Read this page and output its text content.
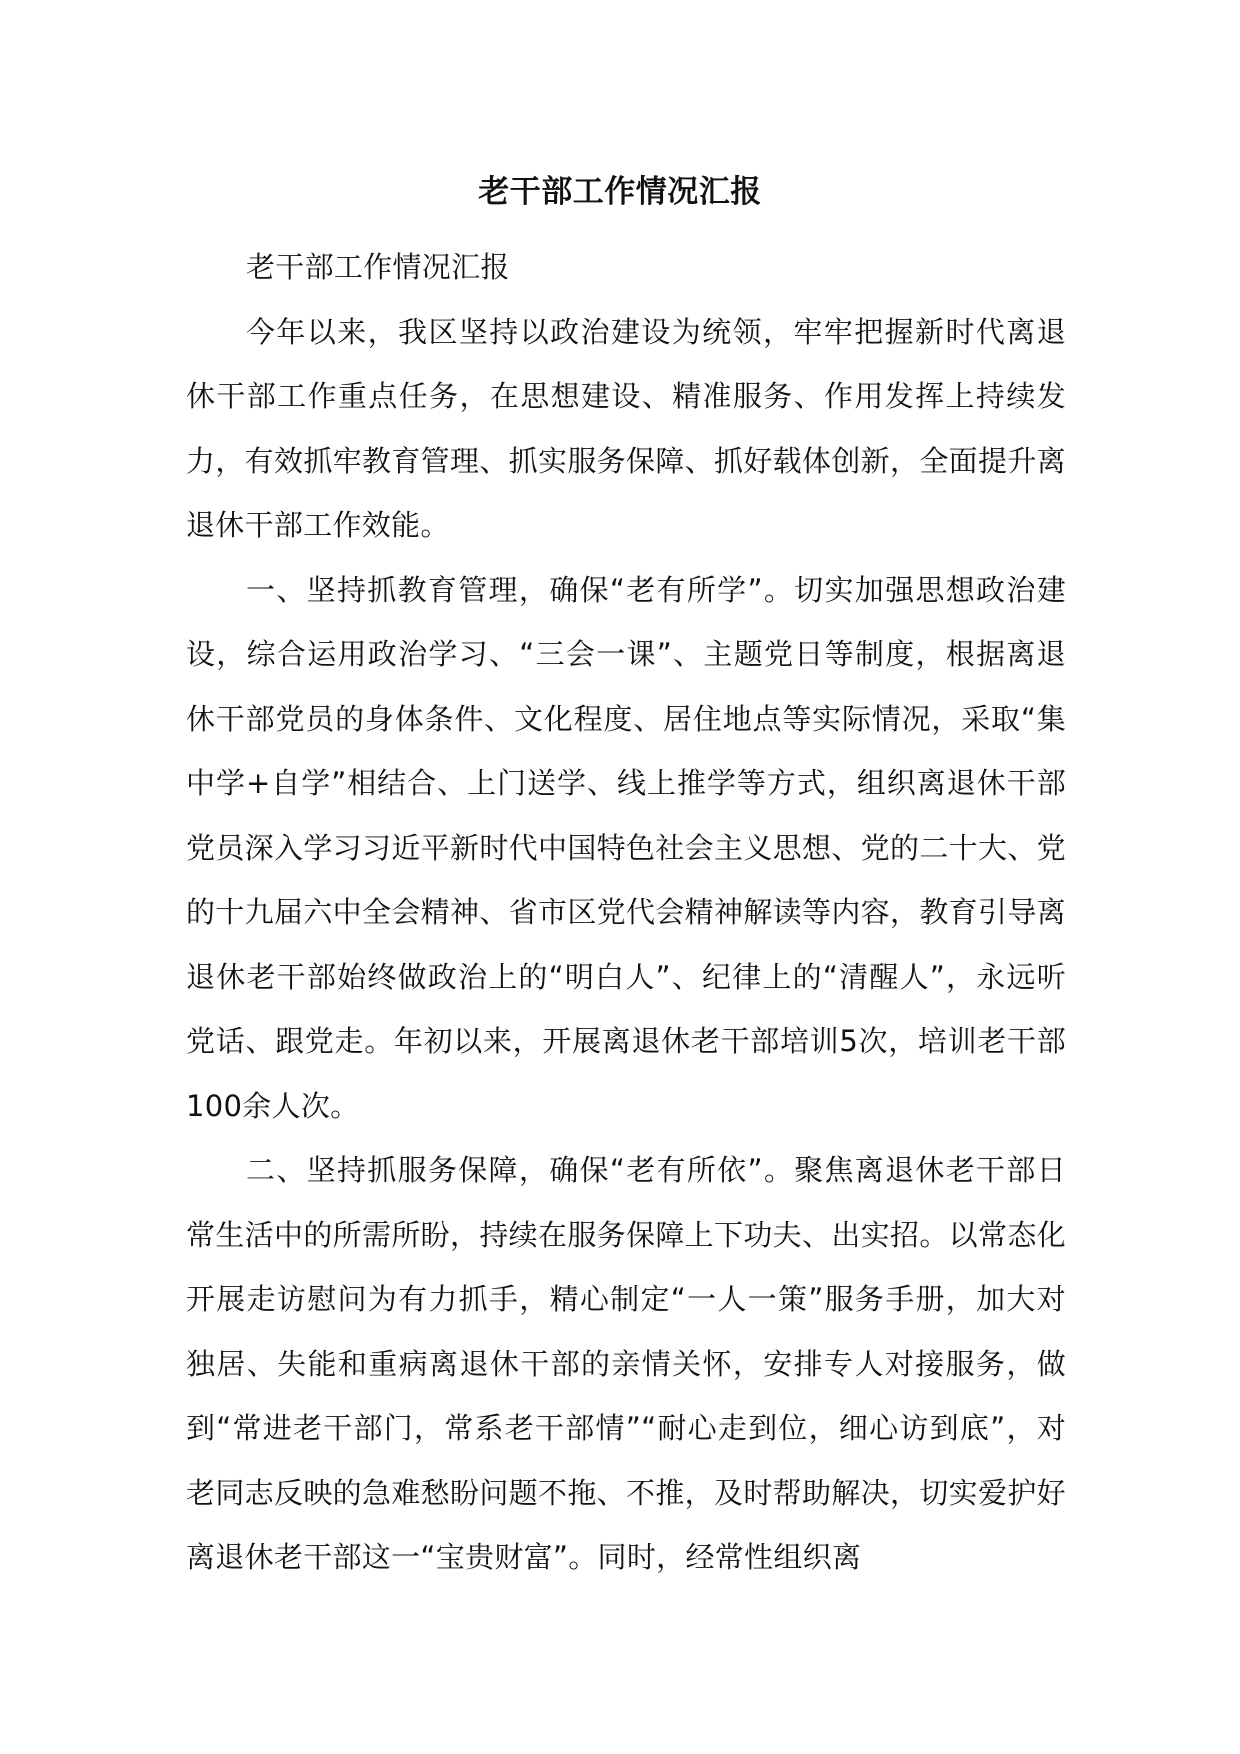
老干部工作情况汇报

老干部工作情况汇报

今年以来，我区坚持以政治建设为统领，牢牢把握新时代离退休干部工作重点任务，在思想建设、精准服务、作用发挥上持续发力，有效抓牢教育管理、抓实服务保障、抓好载体创新，全面提升离退休干部工作效能。

一、坚持抓教育管理，确保“老有所学”。切实加强思想政治建设，综合运用政治学习、“三会一课”、主题党日等制度，根据离退休干部党员的身体条件、文化程度、居住地点等实际情况，采取“集中学+自学”相结合、上门送学、线上推学等方式，组织离退休干部党员深入学习习近平新时代中国特色社会主义思想、党的二十大、党的十九届六中全会精神、省市区党代会精神解读等内容，教育引导离退休老干部始终做政治上的“明白人”、纪律上的“清醒人”，永远听党话、跟党走。年初以来，开展离退休老干部培训5次，培训老干部100余人次。

二、坚持抓服务保障，确保“老有所依”。聚焦离退休老干部日常生活中的所需所盼，持续在服务保障上下功夫、出实招。以常态化开展走访慰问为有力抓手，精心制定“一人一策”服务手册，加大对独居、失能和重病离退休干部的亲情关怀，安排专人对接服务，做到“常进老干部门，常系老干部情”“耐心走到位，细心访到底”，对老同志反映的急难愁盼问题不拖、不推，及时帮助解决，切实爱护好离退休老干部这一“宝贵财富”。同时，经常性组织离
